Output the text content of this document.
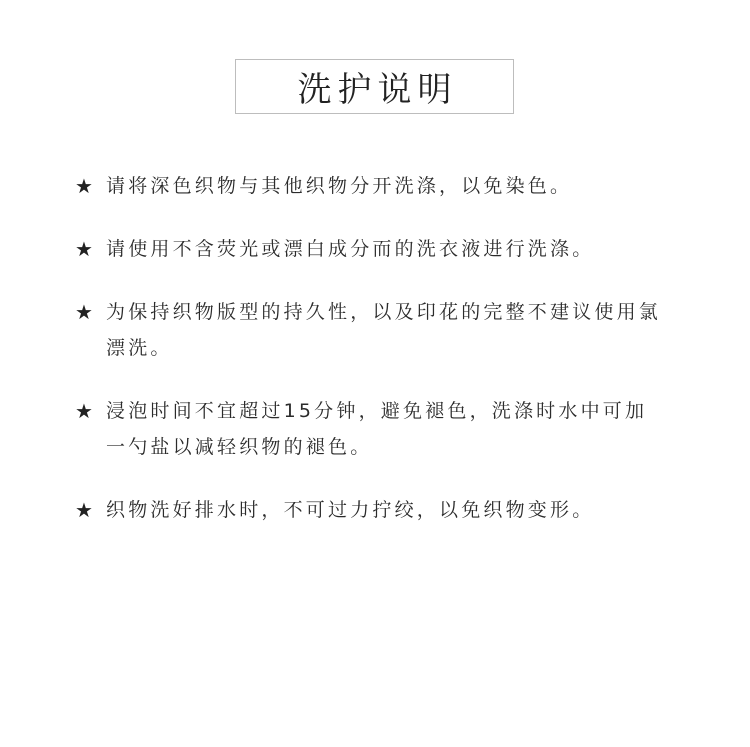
洗护说明
★ 请将深色织物与其他织物分开洗涤，以免染色。
★ 请使用不含荧光或漂白成分而的洗衣液进行洗涤。
★ 为保持织物版型的持久性，以及印花的完整不建议使用氯漂洗。
★ 浸泡时间不宜超过15分钟，避免褪色，洗涤时水中可加一勺盐以减轻织物的褪色。
★ 织物洗好排水时，不可过力拧绞，以免织物变形。
